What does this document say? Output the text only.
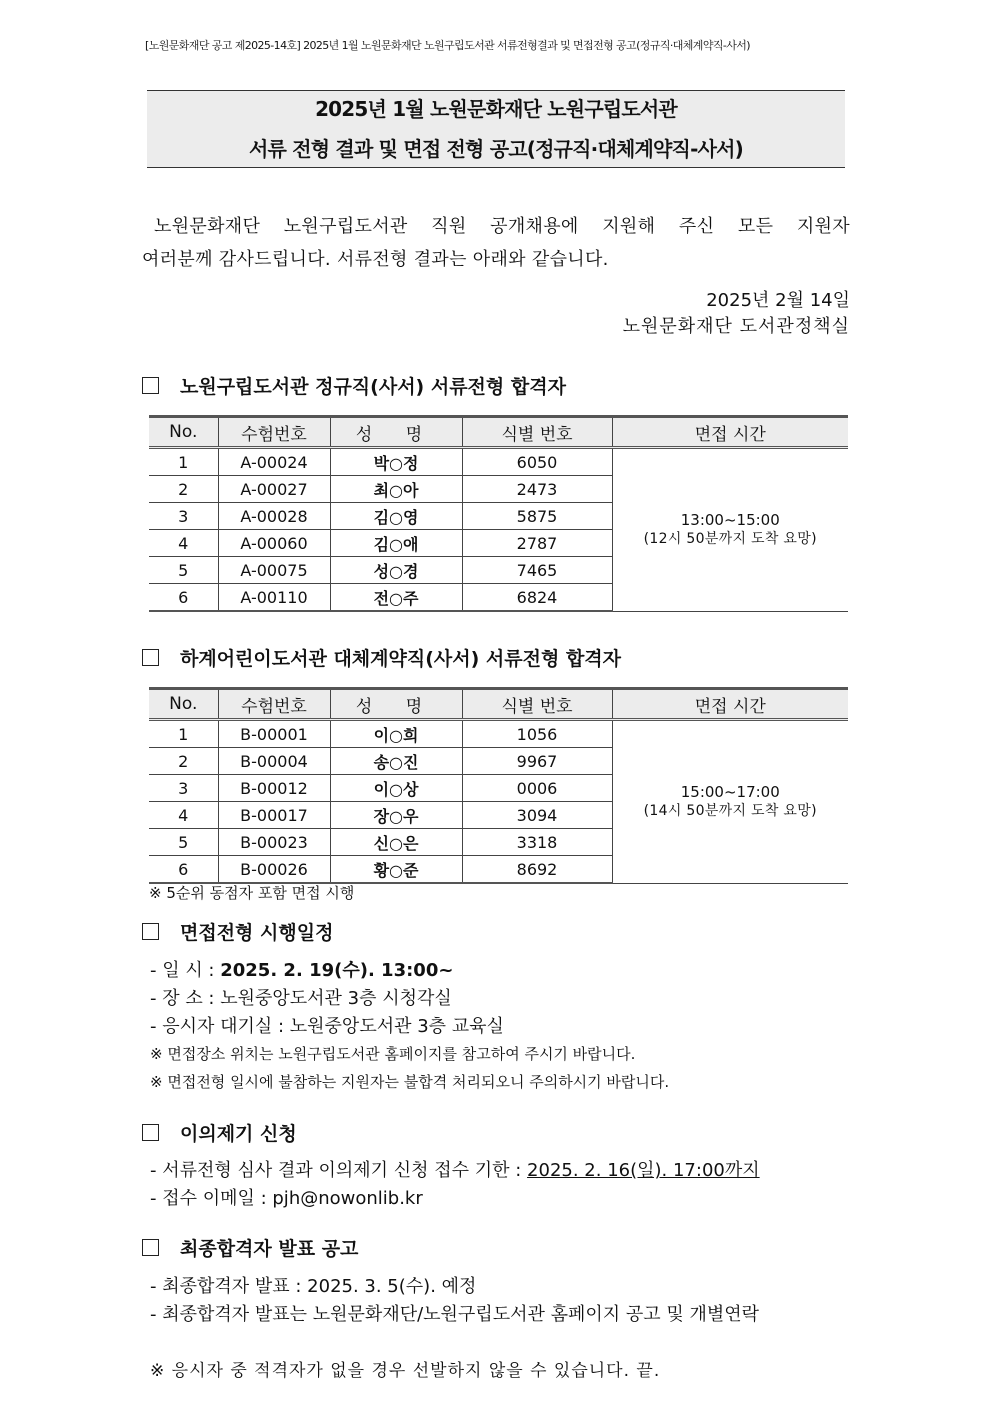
[노원문화재단 공고 제2025-14호] 2025년 1월 노원문화재단 노원구립도서관 서류전형결과 및 면접전형 공고(정규직·대체계약직-사서)
2025년 1월 노원문화재단 노원구립도서관
서류 전형 결과 및 면접 전형 공고(정규직·대체계약직-사서)
노원문화재단 노원구립도서관 직원 공개채용에 지원해 주신 모든 지원자
여러분께 감사드립니다. 서류전형 결과는 아래와 같습니다.
2025년 2월 14일
노원문화재단 도서관정책실
노원구립도서관 정규직(사서) 서류전형 합격자
No.	수험번호	성 명	식별 번호	면접 시간
1	A-00024	박○정	6050	13:00~15:00
(12시 50분까지 도착 요망)

2	A-00027	최○아	2473	
3	A-00028	김○영	5875	
4	A-00060	김○애	2787	
5	A-00075	성○경	7465	
6	A-00110	전○주	6824	
하계어린이도서관 대체계약직(사서) 서류전형 합격자
No.	수험번호	성 명	식별 번호	면접 시간
1	B-00001	이○희	1056	15:00~17:00
(14시 50분까지 도착 요망)

2	B-00004	송○진	9967	
3	B-00012	이○상	0006	
4	B-00017	장○우	3094	
5	B-00023	신○은	3318	
6	B-00026	황○준	8692	
※ 5순위 동점자 포함 면접 시행
면접전형 시행일정
- 일 시 : 2025. 2. 19(수). 13:00~
- 장 소 : 노원중앙도서관 3층 시청각실
- 응시자 대기실 : 노원중앙도서관 3층 교육실
※ 면접장소 위치는 노원구립도서관 홈페이지를 참고하여 주시기 바랍니다.
※ 면접전형 일시에 불참하는 지원자는 불합격 처리되오니 주의하시기 바랍니다.
이의제기 신청
- 서류전형 심사 결과 이의제기 신청 접수 기한 : 2025. 2. 16(일). 17:00까지
- 접수 이메일 : pjh@nowonlib.kr
최종합격자 발표 공고
- 최종합격자 발표 : 2025. 3. 5(수). 예정
- 최종합격자 발표는 노원문화재단/노원구립도서관 홈페이지 공고 및 개별연락
※ 응시자 중 적격자가 없을 경우 선발하지 않을 수 있습니다. 끝.
